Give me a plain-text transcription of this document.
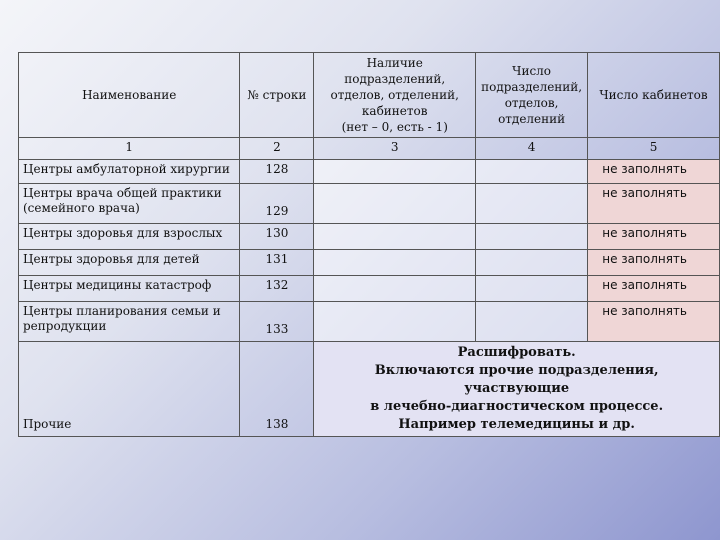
Наименование	№ строки	Наличие подразделений,
отделов, отделений,
кабинетов
(нет – 0, есть - 1)	Число
подразделений,
отделов,
отделений	Число кабинетов
1	2	3	4	5
Центры амбулаторной хирургии	128			не заполнять
Центры врача общей практики
(семейного врача)	129			не заполнять
Центры здоровья для взрослых	130			не заполнять
Центры здоровья для детей	131			не заполнять
Центры медицины катастроф	132			не заполнять
Центры планирования семьи и
репродукции	133			не заполнять
Прочие	138	Расшифровать.
Включаются прочие подразделения, участвующие
в лечебно-диагностическом процессе.
Например телемедицины и др.		
